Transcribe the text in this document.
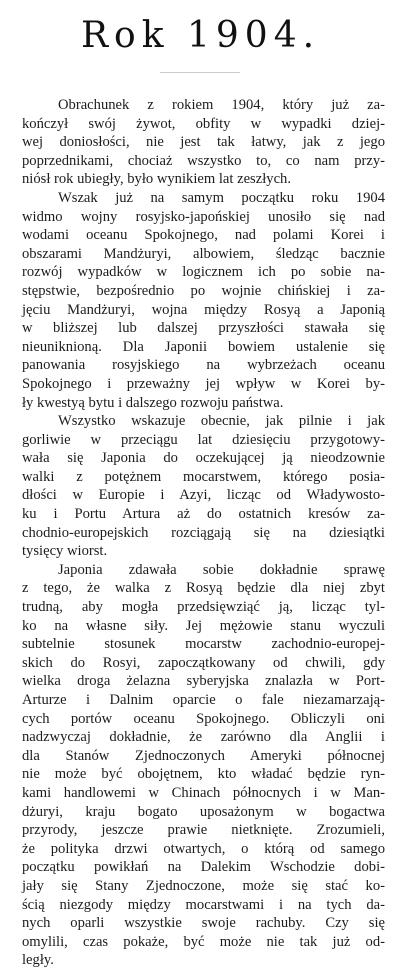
Rok 1904.
Obrachunek z rokiem 1904, który już za-
kończył swój żywot, obfity w wypadki dziej-
wej doniosłości, nie jest tak łatwy, jak z jego
poprzednikami, chociaż wszystko to, co nam przy-
niósł rok ubiegły, było wynikiem lat zeszłych.
Wszak już na samym początku roku 1904
widmo wojny rosyjsko-japońskiej unosiło się nad
wodami oceanu Spokojnego, nad polami Korei i
obszarami Mandżuryi, albowiem, śledząc bacznie
rozwój wypadków w logicznem ich po sobie na-
stępstwie, bezpośrednio po wojnie chińskiej i za-
jęciu Mandżuryi, wojna między Rosyą a Japonią
w bliższej lub dalszej przyszłości stawała się
nieuniknioną. Dla Japonii bowiem ustalenie się
panowania rosyjskiego na wybrzeżach oceanu
Spokojnego i przeważny jej wpływ w Korei by-
ły kwestyą bytu i dalszego rozwoju państwa.
Wszystko wskazuje obecnie, jak pilnie i jak
gorliwie w przeciągu lat dziesięciu przygotowy-
wała się Japonia do oczekującej ją nieodzownie
walki z potężnem mocarstwem, którego posia-
dłości w Europie i Azyi, licząc od Władywosto-
ku i Portu Artura aż do ostatnich kresów za-
chodnio-europejskich rozciągają się na dziesiątki
tysięcy wiorst.
Japonia zdawała sobie dokładnie sprawę
z tego, że walka z Rosyą będzie dla niej zbyt
trudną, aby mogła przedsięwziąć ją, licząc tyl-
ko na własne siły. Jej mężowie stanu wyczuli
subtelnie stosunek mocarstw zachodnio-europej-
skich do Rosyi, zapoczątkowany od chwili, gdy
wielka droga żelazna syberyjska znalazła w Port-
Arturze i Dalnim oparcie o fale niezamarzają-
cych portów oceanu Spokojnego. Obliczyli oni
nadzwyczaj dokładnie, że zarówno dla Anglii i
dla Stanów Zjednoczonych Ameryki północnej
nie może być obojętnem, kto władać będzie ryn-
kami handlowemi w Chinach północnych i w Man-
dżuryi, kraju bogato uposażonym w bogactwa
przyrody, jeszcze prawie nietknięte. Zrozumieli,
że polityka drzwi otwartych, o którą od samego
początku powikłań na Dalekim Wschodzie dobi-
jały się Stany Zjednoczone, może się stać ko-
ścią niezgody między mocarstwami i na tych da-
nych oparli wszystkie swoje rachuby. Czy się
omylili, czas pokaże, być może nie tak już od-
legły.
